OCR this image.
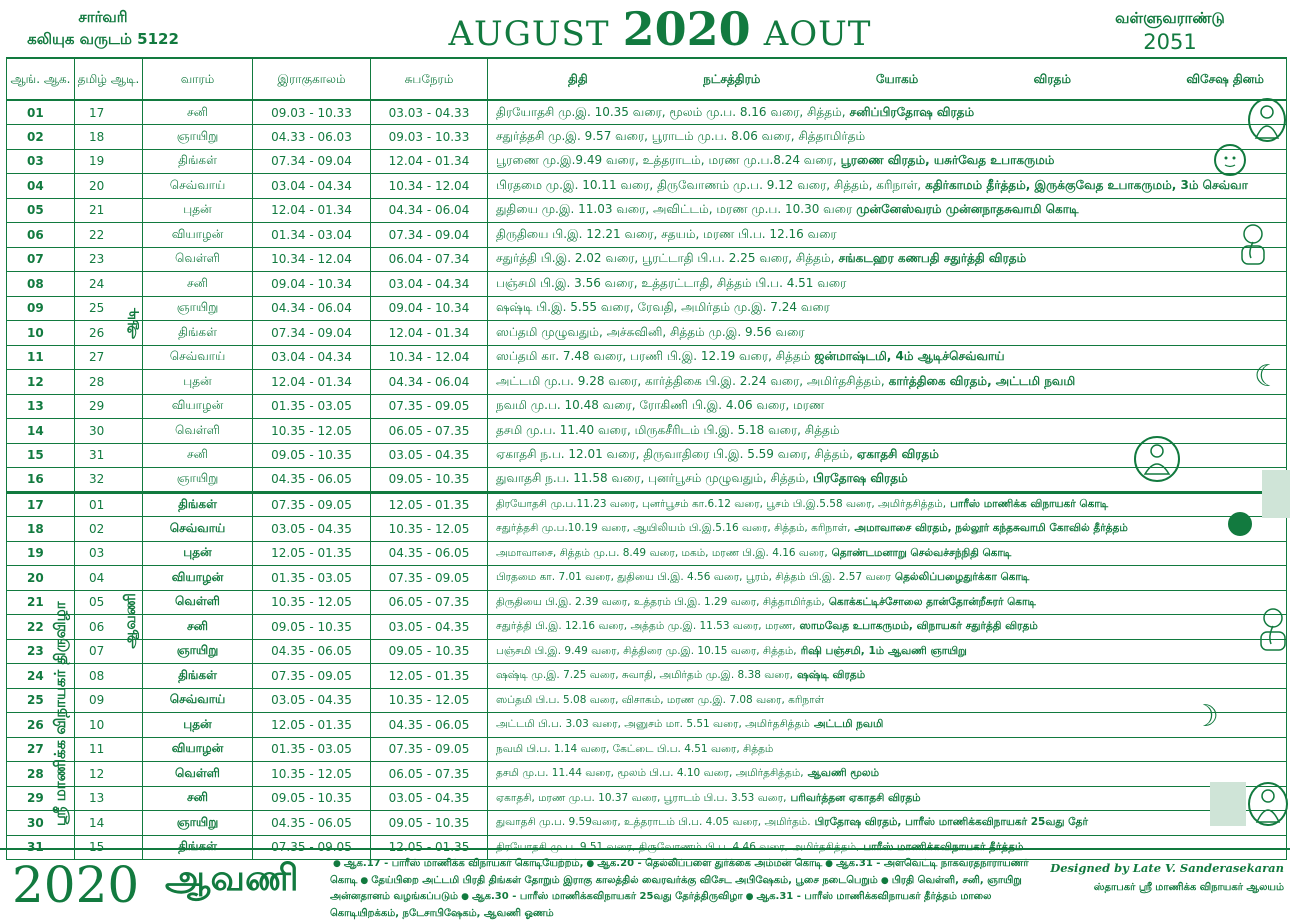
சார்வரி
கலியுக வருடம் 5122	AUGUST 2020 AOUT	வள்ளுவராண்டு
2051
ஆங். ஆக.	தமிழ் ஆடி.	வாரம்	இராகுகாலம்	சுபநேரம்	திதி நட்சத்திரம் யோகம் விரதம் விசேஷ தினம்

01	17	சனி	09.03 - 10.33	03.03 - 04.33	திரயோதசி மு.இ. 10.35 வரை, மூலம் மு.ப. 8.16 வரை, சித்தம், சனிப்பிரதோஷ விரதம்
02	18	ஞாயிறு	04.33 - 06.03	09.03 - 10.33	சதுர்த்தசி மு.இ. 9.57 வரை, பூராடம் மு.ப. 8.06 வரை, சித்தாமிர்தம்
03	19	திங்கள்	07.34 - 09.04	12.04 - 01.34	பூரணை மு.இ.9.49 வரை, உத்தராடம், மரண மு.ப.8.24 வரை, பூரணை விரதம், யசுர்வேத உபாகருமம்
04	20	செவ்வாய்	03.04 - 04.34	10.34 - 12.04	பிரதமை மு.இ. 10.11 வரை, திருவோணம் மு.ப. 9.12 வரை, சித்தம், கரிநாள், கதிர்காமம் தீர்த்தம், இருக்குவேத உபாகருமம், 3ம் செவ்வா
05	21	புதன்	12.04 - 01.34	04.34 - 06.04	துதியை மு.இ. 11.03 வரை, அவிட்டம், மரண மு.ப. 10.30 வரை முன்னேஸ்வரம் முன்னநாதசுவாமி கொடி
06	22	வியாழன்	01.34 - 03.04	07.34 - 09.04	திருதியை பி.இ. 12.21 வரை, சதயம், மரண பி.ப. 12.16 வரை
07	23	வெள்ளி	10.34 - 12.04	06.04 - 07.34	சதுர்த்தி பி.இ. 2.02 வரை, பூரட்டாதி பி.ப. 2.25 வரை, சித்தம், சங்கடஹர கணபதி சதுர்த்தி விரதம்
08	24	சனி	09.04 - 10.34	03.04 - 04.34	பஞ்சமி பி.இ. 3.56 வரை, உத்தரட்டாதி, சித்தம் பி.ப. 4.51 வரை
09	25	ஞாயிறு	04.34 - 06.04	09.04 - 10.34	ஷஷ்டி பி.இ. 5.55 வரை, ரேவதி, அமிர்தம் மு.இ. 7.24 வரை
10	26	திங்கள்	07.34 - 09.04	12.04 - 01.34	ஸப்தமி முழுவதும், அச்சுவினி, சித்தம் மு.இ. 9.56 வரை
11	27	செவ்வாய்	03.04 - 04.34	10.34 - 12.04	ஸப்தமி கா. 7.48 வரை, பரணி பி.இ. 12.19 வரை, சித்தம் ஜன்மாஷ்டமி, 4ம் ஆடிச்செவ்வாய்
12	28	புதன்	12.04 - 01.34	04.34 - 06.04	அட்டமி மு.ப. 9.28 வரை, கார்த்திகை பி.இ. 2.24 வரை, அமிர்தசித்தம், கார்த்திகை விரதம், அட்டமி நவமி
13	29	வியாழன்	01.35 - 03.05	07.35 - 09.05	நவமி மு.ப. 10.48 வரை, ரோகிணி பி.இ. 4.06 வரை, மரண
14	30	வெள்ளி	10.35 - 12.05	06.05 - 07.35	தசமி மு.ப. 11.40 வரை, மிருகசீரிடம் பி.இ. 5.18 வரை, சித்தம்
15	31	சனி	09.05 - 10.35	03.05 - 04.35	ஏகாதசி ந.ப. 12.01 வரை, திருவாதிரை பி.இ. 5.59 வரை, சித்தம், ஏகாதசி விரதம்
16	32	ஞாயிறு	04.35 - 06.05	09.05 - 10.35	துவாதசி ந.ப. 11.58 வரை, புனர்பூசம் முழுவதும், சித்தம், பிரதோஷ விரதம்
17	01	திங்கள்	07.35 - 09.05	12.05 - 01.35	திரயோதசி மு.ப.11.23 வரை, புனர்பூசம் கா.6.12 வரை, பூசம் பி.இ.5.58 வரை, அமிர்தசித்தம், பாரீஸ் மாணிக்க விநாயகர் கொடி
18	02	செவ்வாய்	03.05 - 04.35	10.35 - 12.05	சதுர்த்தசி மு.ப.10.19 வரை, ஆயிலியம் பி.இ.5.16 வரை, சித்தம், கரிநாள், அமாவாசை விரதம், நல்லூர் கந்தசுவாமி கோவில் தீர்த்தம்
19	03	புதன்	12.05 - 01.35	04.35 - 06.05	அமாவாசை, சித்தம் மு.ப. 8.49 வரை, மகம், மரண பி.இ. 4.16 வரை, தொண்டமனாறு செல்வச்சந்நிதி கொடி
20	04	வியாழன்	01.35 - 03.05	07.35 - 09.05	பிரதமை கா. 7.01 வரை, துதியை பி.இ. 4.56 வரை, பூரம், சித்தம் பி.இ. 2.57 வரை தெல்லிப்பழைதுர்க்கா கொடி
21	05	வெள்ளி	10.35 - 12.05	06.05 - 07.35	திருதியை பி.இ. 2.39 வரை, உத்தரம் பி.இ. 1.29 வரை, சித்தாமிர்தம், கொக்கட்டிச்சோலை தான்தோன்றீசுரர் கொடி
22	06	சனி	09.05 - 10.35	03.05 - 04.35	சதுர்த்தி பி.இ. 12.16 வரை, அத்தம் மு.இ. 11.53 வரை, மரண, ஸாமவேத உபாகருமம், விநாயகர் சதுர்த்தி விரதம்
23	07	ஞாயிறு	04.35 - 06.05	09.05 - 10.35	பஞ்சமி பி.இ. 9.49 வரை, சித்திரை மு.இ. 10.15 வரை, சித்தம், ரிஷி பஞ்சமி, 1ம் ஆவணி ஞாயிறு
24	08	திங்கள்	07.35 - 09.05	12.05 - 01.35	ஷஷ்டி மு.இ. 7.25 வரை, சுவாதி, அமிர்தம் மு.இ. 8.38 வரை, ஷஷ்டி விரதம்
25	09	செவ்வாய்	03.05 - 04.35	10.35 - 12.05	ஸப்தமி பி.ப. 5.08 வரை, விசாகம், மரண மு.இ. 7.08 வரை, கரிநாள்
26	10	புதன்	12.05 - 01.35	04.35 - 06.05	அட்டமி பி.ப. 3.03 வரை, அனுசம் மா. 5.51 வரை, அமிர்தசித்தம் அட்டமி நவமி
27	11	வியாழன்	01.35 - 03.05	07.35 - 09.05	நவமி பி.ப. 1.14 வரை, கேட்டை பி.ப. 4.51 வரை, சித்தம்
28	12	வெள்ளி	10.35 - 12.05	06.05 - 07.35	தசமி மு.ப. 11.44 வரை, மூலம் பி.ப. 4.10 வரை, அமிர்தசித்தம், ஆவணி மூலம்
29	13	சனி	09.05 - 10.35	03.05 - 04.35	ஏகாதசி, மரண மு.ப. 10.37 வரை, பூராடம் பி.ப. 3.53 வரை, பரிவர்த்தன ஏகாதசி விரதம்
30	14	ஞாயிறு	04.35 - 06.05	09.05 - 10.35	துவாதசி மு.ப. 9.59வரை, உத்தராடம் பி.ப. 4.05 வரை, அமிர்தம். பிரதோஷ விரதம், பாரீஸ் மாணிக்கவிநாயகர் 25வது தேர்
31	15	திங்கள்	07.35 - 09.05	12.05 - 01.35	திரயோதசி மு.ப. 9.51 வரை, திருவோணம் பி.ப. 4.46 வரை, அமிர்தசித்தம், பாரீஸ் மாணிக்கவிநாயகர் தீர்த்தம்
ஆடி
ஆவணி
ஸ்ரீ மாணிக்க விநாயகர் திருவிழா
☾
☽
2020 ஆவணி	● ஆக.17 - பாரீஸ் மாணிக்க விநாயகர் கொடியேற்றம், ● ஆக.20 - தெல்லிப்பளை துர்க்கை அம்மன் கொடி ● ஆக.31 - அளவெட்டி நாகவரதநாராயணர் கொடி ● தேய்பிறை அட்டமி பிரதி திங்கள் தோறும் இராகு காலத்தில் வைரவர்க்கு விசேட அபிஷேகம், பூசை நடைபெறும் ● பிரதி வெள்ளி, சனி, ஞாயிறு அன்னதானம் வழங்கப்படும் ● ஆக.30 - பாரீஸ் மாணிக்கவிநாயகர் 25வது தேர்த்திருவிழா ● ஆக.31 - பாரீஸ் மாணிக்கவிநாயகர் தீர்த்தம் மாலை கொடியிறக்கம், நடேசாபிஷேகம், ஆவணி ஓணம்
Designed by Late V. Sanderasekaran
ஸ்தாபகர் ஸ்ரீ மாணிக்க விநாயகர் ஆலயம்
